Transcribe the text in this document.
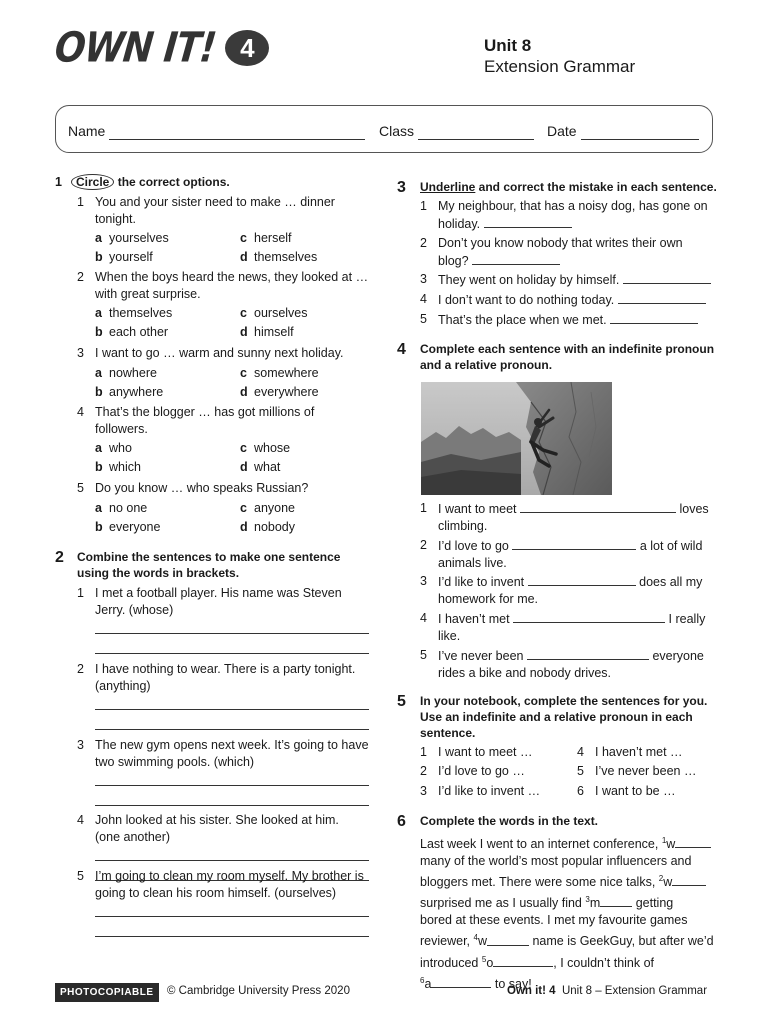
OWN IT! 4	Unit 8
Extension Grammar
Name	Class	Date
1	Circle the correct options.
1 You and your sister need to make … dinner
tonight.
a yourselves	c herself
b yourself	d themselves
2 When the boys heard the news, they looked at …
with great surprise.
a themselves	c ourselves
b each other	d himself
3 I want to go … warm and sunny next holiday.
a nowhere	c somewhere
b anywhere	d everywhere
4 That’s the blogger … has got millions of
followers.
a who	c whose
b which	d what
5 Do you know … who speaks Russian?
a no one	c anyone
b everyone	d nobody
2 Combine the sentences to make one sentence
using the words in brackets.
1 I met a football player. His name was Steven
Jerry. (whose)
2 I have nothing to wear. There is a party tonight.
(anything)
3 The new gym opens next week. It’s going to have
two swimming pools. (which)
4 John looked at his sister. She looked at him.
(one another)
5 I’m going to clean my room myself. My brother is
going to clean his room himself. (ourselves)
3 Underline and correct the mistake in each sentence.
1 My neighbour, that has a noisy dog, has gone on
holiday.
2 Don’t you know nobody that writes their own
blog?
3 They went on holiday by himself.
4 I don’t want to do nothing today.
5 That’s the place when we met.
4 Complete each sentence with an indefinite pronoun
and a relative pronoun.
1 I want to meet	loves
climbing.
2 I’d love to go	a lot of wild
animals live.
3 I’d like to invent	does all my
homework for me.
4 I haven’t met	I really
like.
5 I’ve never been	everyone
rides a bike and nobody drives.
5 In your notebook, complete the sentences for you.
Use an indefinite and a relative pronoun in each
sentence.
1 I want to meet …
2 I’d love to go …
3 I’d like to invent …
4 I haven’t met …
5 I’ve never been …
6 I want to be …
6 Complete the words in the text.
Last week I went to an internet conference, $^1$w
many of the world’s most popular influencers and
bloggers met. There were some nice talks, $^2$w
surprised me as I usually find $^3$m	getting
bored at these events. I met my favourite games
reviewer, $^4$w	name is GeekGuy, but after we’d
introduced $^5$o	, I couldn’t think of
$^6$a	to say!
PHOTOCOPIABLE	© Cambridge University Press 2020	Own it! 4 Unit 8 – Extension Grammar
